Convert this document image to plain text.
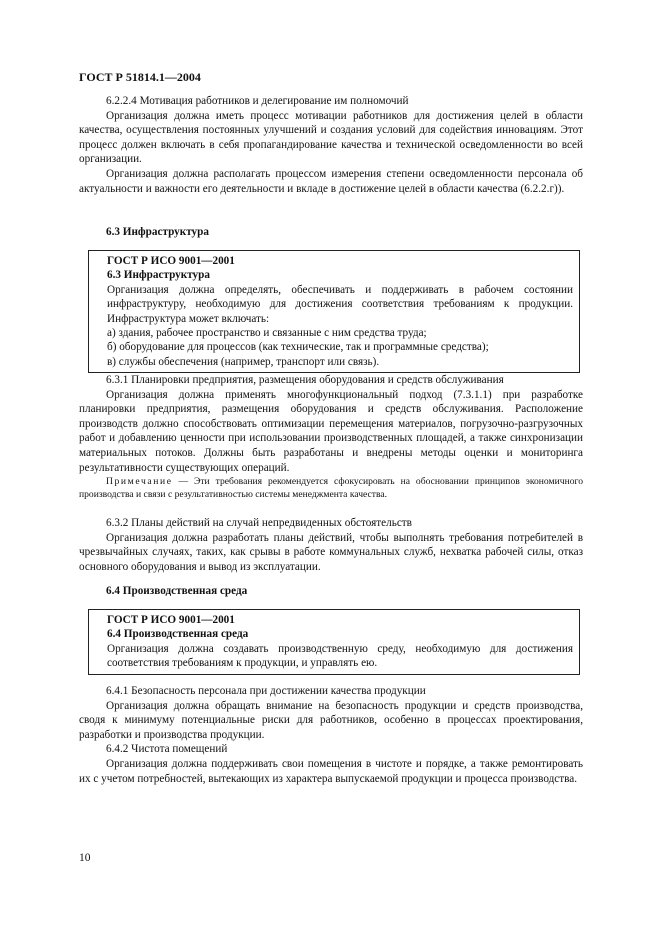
ГОСТ Р 51814.1—2004

6.2.2.4 Мотивация работников и делегирование им полномочий

Организация должна иметь процесс мотивации работников для достижения целей в области качества, осуществления постоянных улучшений и создания условий для содействия инновациям. Этот процесс должен включать в себя пропагандирование качества и технической осведомленности во всей организации.

Организация должна располагать процессом измерения степени осведомленности персонала об актуальности и важности его деятельности и вкладе в достижение целей в области качества (6.2.2.г)).

6.3 Инфраструктура

ГОСТ Р ИСО 9001—2001

6.3 Инфраструктура

Организация должна определять, обеспечивать и поддерживать в рабочем состоянии инфраструктуру, необходимую для достижения соответствия требованиям к продукции. Инфраструктура может включать:

а) здания, рабочее пространство и связанные с ним средства труда;

б) оборудование для процессов (как технические, так и программные средства);

в) службы обеспечения (например, транспорт или связь).

6.3.1 Планировки предприятия, размещения оборудования и средств обслуживания

Организация должна применять многофункциональный подход (7.3.1.1) при разработке планировки предприятия, размещения оборудования и средств обслуживания. Расположение производств должно способствовать оптимизации перемещения материалов, погрузочно-разгрузочных работ и добавлению ценности при использовании производственных площадей, а также синхронизации материальных потоков. Должны быть разработаны и внедрены методы оценки и мониторинга результативности существующих операций.

Примечание — Эти требования рекомендуется сфокусировать на обосновании принципов экономичного производства и связи с результативностью системы менеджмента качества.

6.3.2 Планы действий на случай непредвиденных обстоятельств

Организация должна разработать планы действий, чтобы выполнять требования потребителей в чрезвычайных случаях, таких, как срывы в работе коммунальных служб, нехватка рабочей силы, отказ основного оборудования и вывод из эксплуатации.

6.4 Производственная среда

ГОСТ Р ИСО 9001—2001

6.4 Производственная среда

Организация должна создавать производственную среду, необходимую для достижения соответствия требованиям к продукции, и управлять ею.

6.4.1 Безопасность персонала при достижении качества продукции

Организация должна обращать внимание на безопасность продукции и средств производства, сводя к минимуму потенциальные риски для работников, особенно в процессах проектирования, разработки и производства продукции.

6.4.2 Чистота помещений

Организация должна поддерживать свои помещения в чистоте и порядке, а также ремонтировать их с учетом потребностей, вытекающих из характера выпускаемой продукции и процесса производства.

10
